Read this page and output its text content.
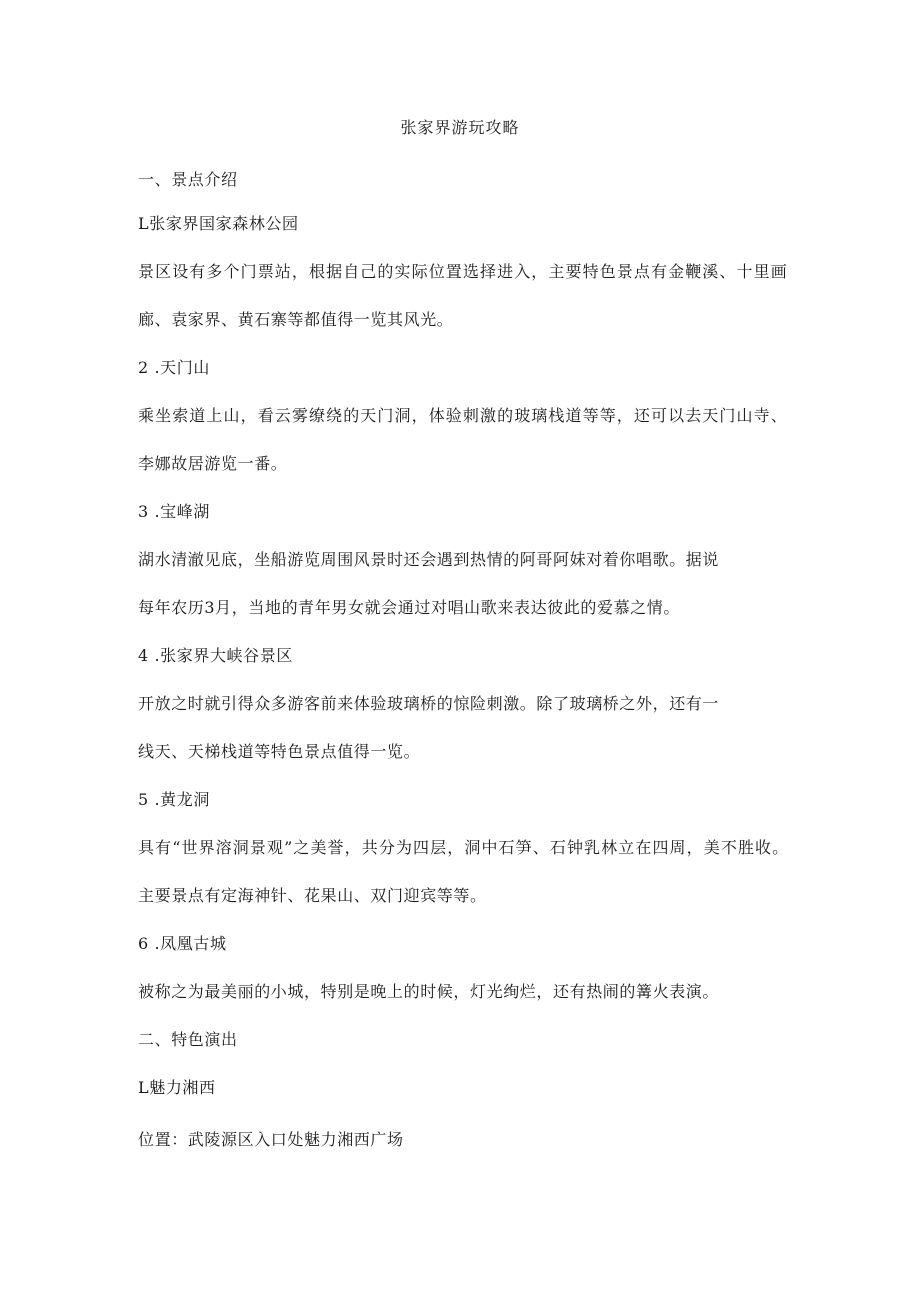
张家界游玩攻略
一、景点介绍
L张家界国家森林公园
景区设有多个门票站，根据自己的实际位置选择进入，主要特色景点有金鞭溪、十里画
廊、袁家界、黄石寨等都值得一览其风光。
2 .天门山
乘坐索道上山，看云雾缭绕的天门洞，体验刺激的玻璃栈道等等，还可以去天门山寺、
李娜故居游览一番。
3 .宝峰湖
湖水清澈见底，坐船游览周围风景时还会遇到热情的阿哥阿妹对着你唱歌。据说
每年农历3月，当地的青年男女就会通过对唱山歌来表达彼此的爱慕之情。
4 .张家界大峡谷景区
开放之时就引得众多游客前来体验玻璃桥的惊险刺激。除了玻璃桥之外，还有一
线天、天梯栈道等特色景点值得一览。
5 .黄龙洞
具有“世界溶洞景观”之美誉，共分为四层，洞中石笋、石钟乳林立在四周，美不胜收。
主要景点有定海神针、花果山、双门迎宾等等。
6 .凤凰古城
被称之为最美丽的小城，特别是晚上的时候，灯光绚烂，还有热闹的篝火表演。
二、特色演出
L魅力湘西
位置：武陵源区入口处魅力湘西广场
